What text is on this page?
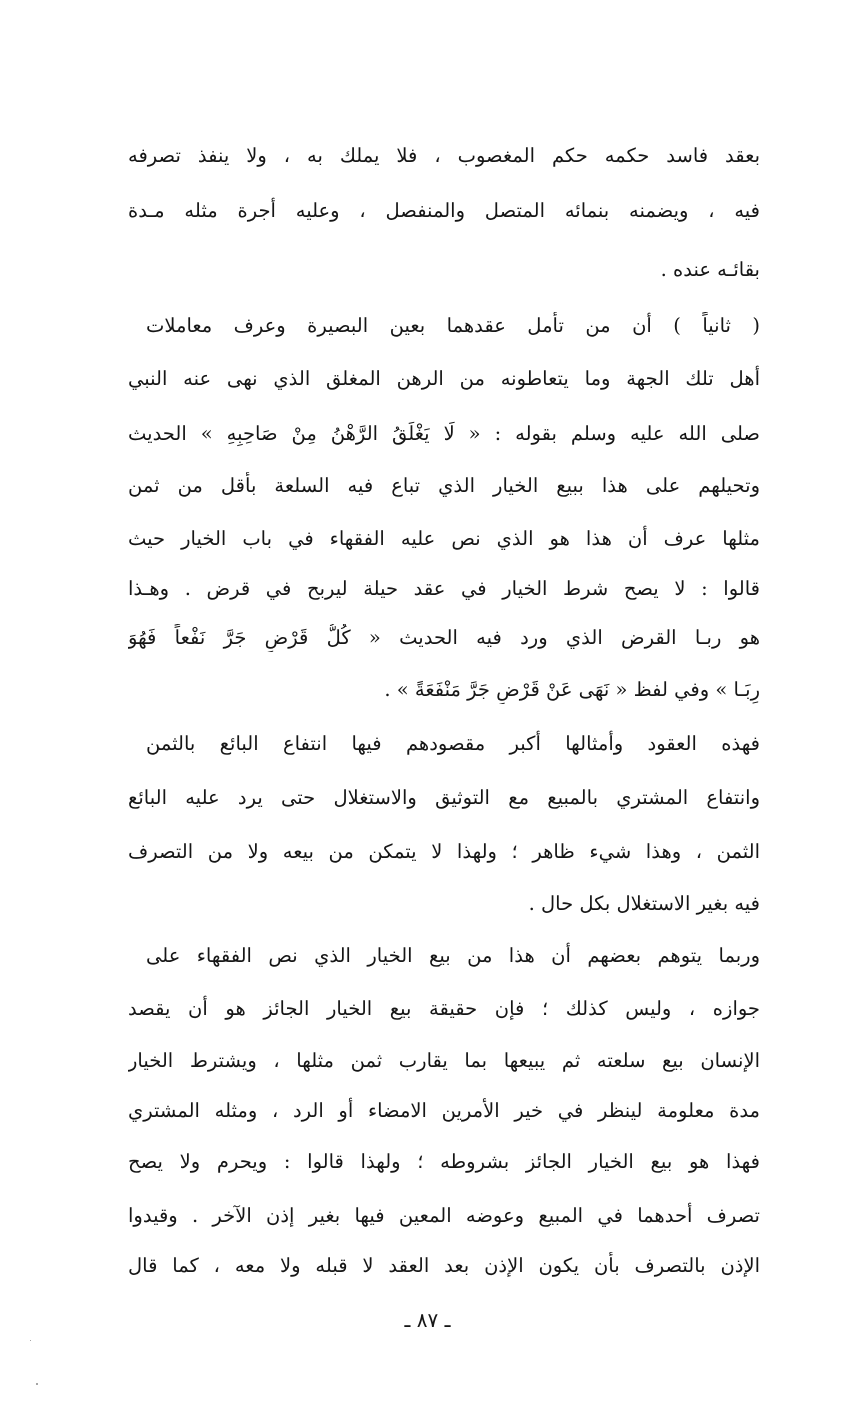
بعقد فاسد حكمه حكم المغصوب ، فلا يملك به ، ولا ينفذ تصرفه
فيه ، ويضمنه بنمائه المتصل والمنفصل ، وعليه أجرة مثله مـدة
بقائـه عنده .
( ثانياً ) أن من تأمل عقدهما بعين البصيرة وعرف معاملات
أهل تلك الجهة وما يتعاطونه من الرهن المغلق الذي نهى عنه النبي
صلى الله عليه وسلم بقوله : « لَا يَغْلَقُ الرَّهْنُ مِنْ صَاحِبِهِ » الحديث
وتحيلهم على هذا ببيع الخيار الذي تباع فيه السلعة بأقل من ثمن
مثلها عرف أن هذا هو الذي نص عليه الفقهاء في باب الخيار حيث
قالوا : لا يصح شرط الخيار في عقد حيلة ليربح في قرض . وهـذا
هو ربـا القرض الذي ورد فيه الحديث « كُلُّ قَرْضٍ جَرَّ نَفْعاً فَهُوَ
رِبَـا » وفي لفظ « نَهَى عَنْ قَرْضٍ جَرَّ مَنْفَعَةً » .
فهذه العقود وأمثالها أكبر مقصودهم فيها انتفاع البائع بالثمن
وانتفاع المشتري بالمبيع مع التوثيق والاستغلال حتى يرد عليه البائع
الثمن ، وهذا شيء ظاهر ؛ ولهذا لا يتمكن من بيعه ولا من التصرف
فيه بغير الاستغلال بكل حال .
وربما يتوهم بعضهم أن هذا من بيع الخيار الذي نص الفقهاء على
جوازه ، وليس كذلك ؛ فإن حقيقة بيع الخيار الجائز هو أن يقصد
الإنسان بيع سلعته ثم يبيعها بما يقارب ثمن مثلها ، ويشترط الخيار
مدة معلومة لينظر في خير الأمرين الامضاء أو الرد ، ومثله المشتري
فهذا هو بيع الخيار الجائز بشروطه ؛ ولهذا قالوا : ويحرم ولا يصح
تصرف أحدهما في المبيع وعوضه المعين فيها بغير إذن الآخر . وقيدوا
الإذن بالتصرف بأن يكون الإذن بعد العقد لا قبله ولا معه ، كما قال
ـ ٨٧ ـ
